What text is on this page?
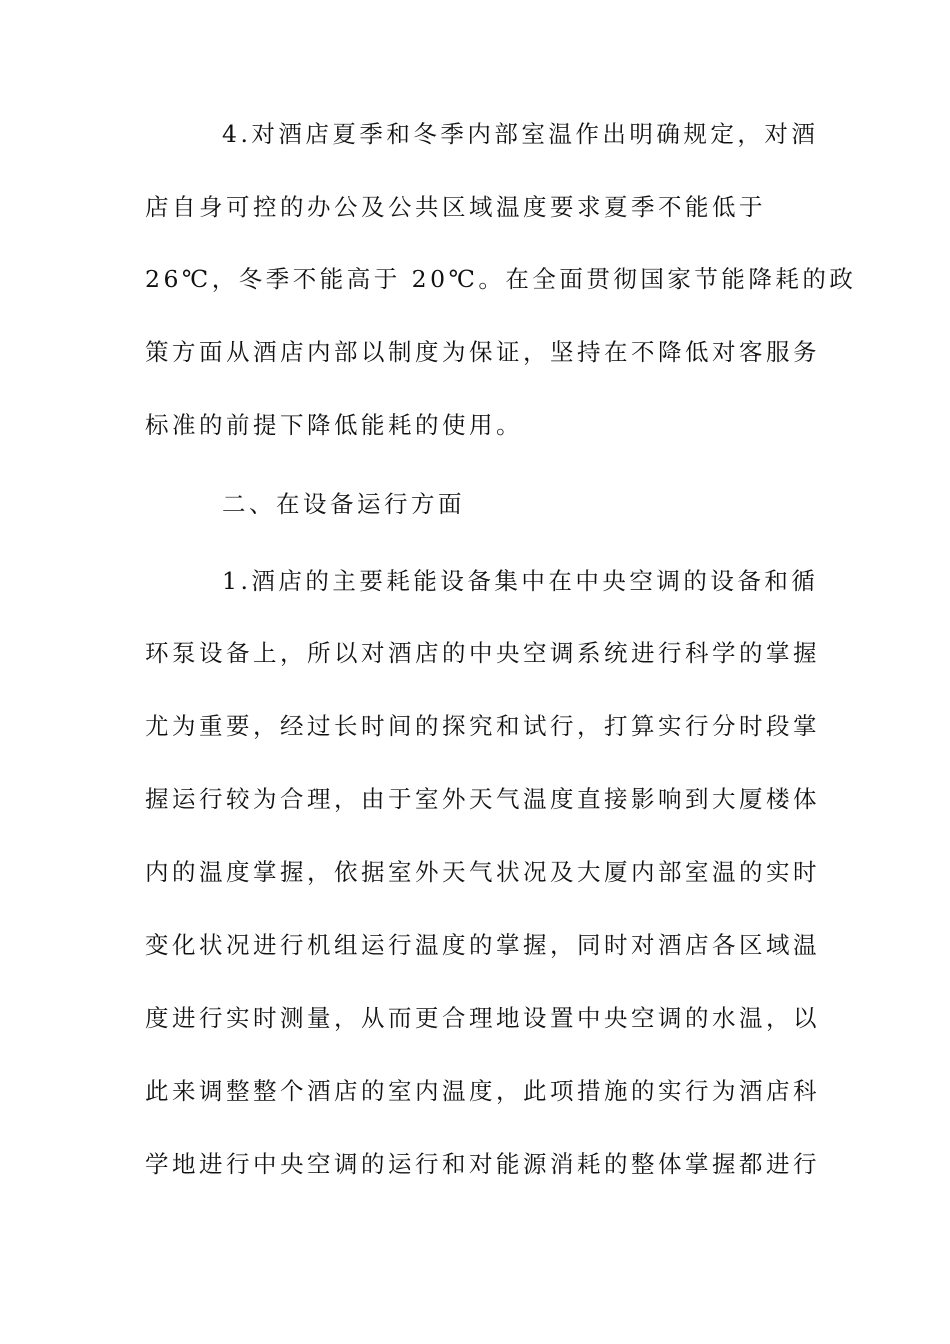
4.对酒店夏季和冬季内部室温作出明确规定，对酒
店自身可控的办公及公共区域温度要求夏季不能低于
26℃，冬季不能高于 20℃。在全面贯彻国家节能降耗的政
策方面从酒店内部以制度为保证，坚持在不降低对客服务
标准的前提下降低能耗的使用。
二、在设备运行方面
1.酒店的主要耗能设备集中在中央空调的设备和循
环泵设备上，所以对酒店的中央空调系统进行科学的掌握
尤为重要，经过长时间的探究和试行，打算实行分时段掌
握运行较为合理，由于室外天气温度直接影响到大厦楼体
内的温度掌握，依据室外天气状况及大厦内部室温的实时
变化状况进行机组运行温度的掌握，同时对酒店各区域温
度进行实时测量，从而更合理地设置中央空调的水温，以
此来调整整个酒店的室内温度，此项措施的实行为酒店科
学地进行中央空调的运行和对能源消耗的整体掌握都进行
